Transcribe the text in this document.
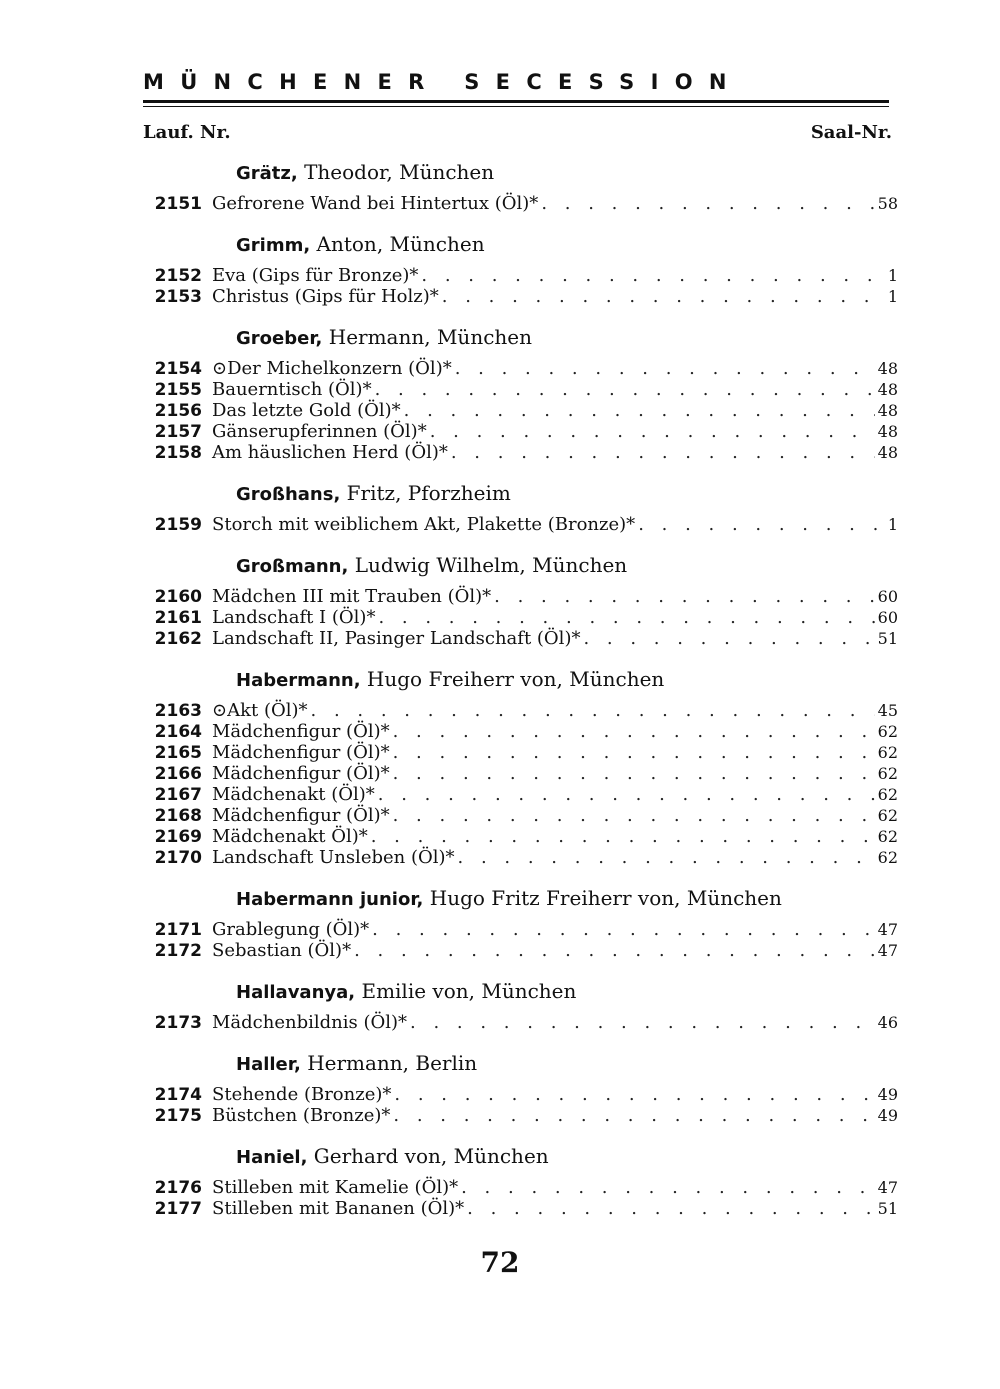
MÜNCHENER SECESSION
Lauf. Nr.	Saal-Nr.
Grätz, Theodor, München
2151 Gefrorene Wand bei Hintertux (Öl)* . . .	58
Grimm, Anton, München
2152 Eva (Gips für Bronze)* . . .	1
2153 Christus (Gips für Holz)* . . .	1
Groeber, Hermann, München
2154 ⊙Der Michelkonzern (Öl)* . . .	48
2155 Bauerntisch (Öl)* . . .	48
2156 Das letzte Gold (Öl)* . . .	48
2157 Gänserupferinnen (Öl)* . . .	48
2158 Am häuslichen Herd (Öl)* . . .	48
Großhans, Fritz, Pforzheim
2159 Storch mit weiblichem Akt, Plakette (Bronze)* . . .	1
Großmann, Ludwig Wilhelm, München
2160 Mädchen III mit Trauben (Öl)* . . .	60
2161 Landschaft I (Öl)* . . .	60
2162 Landschaft II, Pasinger Landschaft (Öl)* . . .	51
Habermann, Hugo Freiherr von, München
2163 ⊙Akt (Öl)* . . .	45
2164 Mädchenfigur (Öl)* . . .	62
2165 Mädchenfigur (Öl)* . . .	62
2166 Mädchenfigur (Öl)* . . .	62
2167 Mädchenakt (Öl)* . . .	62
2168 Mädchenfigur (Öl)* . . .	62
2169 Mädchenakt Öl)* . . .	62
2170 Landschaft Unsleben (Öl)* . . .	62
Habermann junior, Hugo Fritz Freiherr von, München
2171 Grablegung (Öl)* . . .	47
2172 Sebastian (Öl)* . . .	47
Hallavanya, Emilie von, München
2173 Mädchenbildnis (Öl)* . . .	46
Haller, Hermann, Berlin
2174 Stehende (Bronze)* . . .	49
2175 Büstchen (Bronze)* . . .	49
Haniel, Gerhard von, München
2176 Stilleben mit Kamelie (Öl)* . . .	47
2177 Stilleben mit Bananen (Öl)* . . .	51
72
